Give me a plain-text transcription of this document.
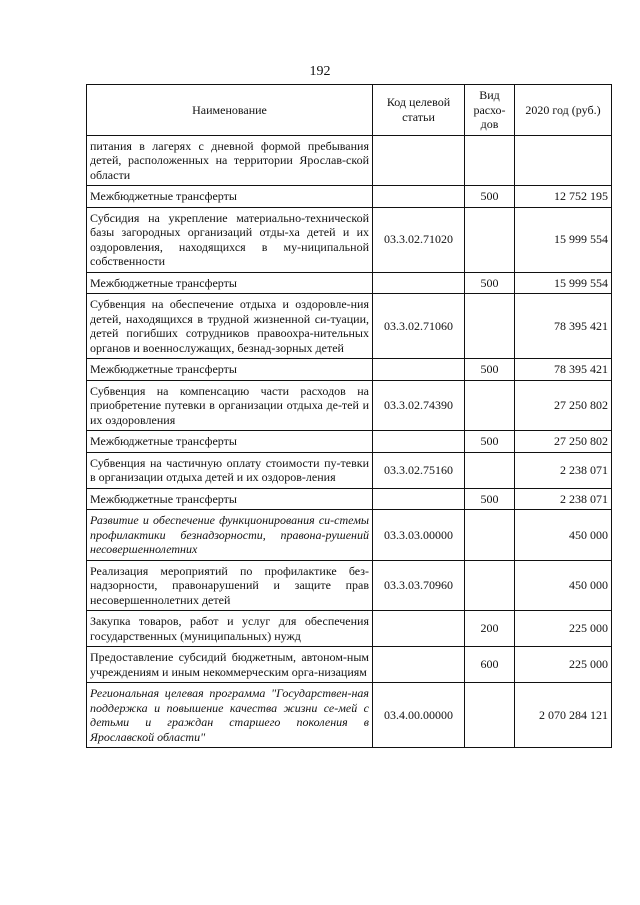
192
Наименование	Код целевой статьи	Вид расхо-дов	2020 год (руб.)
питания в лагерях с дневной формой пребывания детей, расположенных на территории Ярослав-ской области			
Межбюджетные трансферты		500	12 752 195
Субсидия на укрепление материально-технической базы загородных организаций отды-ха детей и их оздоровления, находящихся в му-ниципальной собственности	03.3.02.71020		15 999 554
Межбюджетные трансферты		500	15 999 554
Субвенция на обеспечение отдыха и оздоровле-ния детей, находящихся в трудной жизненной си-туации, детей погибших сотрудников правоохра-нительных органов и военнослужащих, безнад-зорных детей	03.3.02.71060		78 395 421
Межбюджетные трансферты		500	78 395 421
Субвенция на компенсацию части расходов на приобретение путевки в организации отдыха де-тей и их оздоровления	03.3.02.74390		27 250 802
Межбюджетные трансферты		500	27 250 802
Субвенция на частичную оплату стоимости пу-тевки в организации отдыха детей и их оздоров-ления	03.3.02.75160		2 238 071
Межбюджетные трансферты		500	2 238 071
Развитие и обеспечение функционирования си-стемы профилактики безнадзорности, правона-рушений несовершеннолетних	03.3.03.00000		450 000
Реализация мероприятий по профилактике без-надзорности, правонарушений и защите прав несовершеннолетних детей	03.3.03.70960		450 000
Закупка товаров, работ и услуг для обеспечения государственных (муниципальных) нужд		200	225 000
Предоставление субсидий бюджетным, автоном-ным учреждениям и иным некоммерческим орга-низациям		600	225 000
Региональная целевая программа "Государствен-ная поддержка и повышение качества жизни се-мей с детьми и граждан старшего поколения в Ярославской области"	03.4.00.00000		2 070 284 121
